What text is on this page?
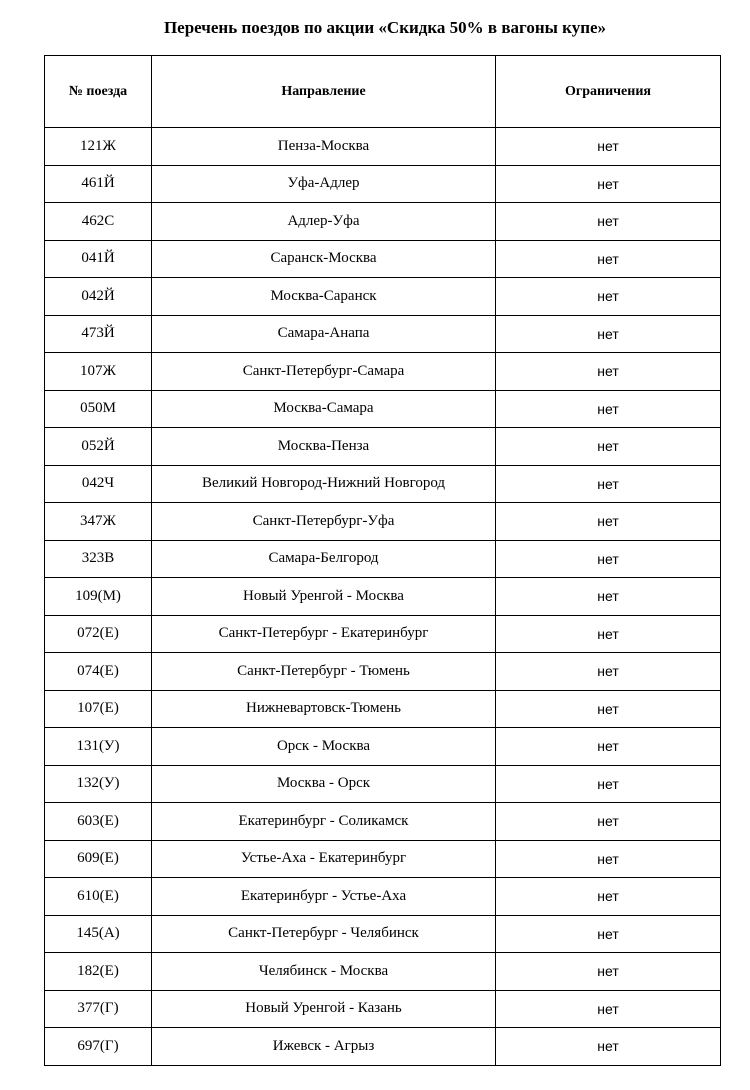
Перечень поездов по акции «Скидка 50% в вагоны купе»
№ поезда	Направление	Ограничения
121Ж	Пенза-Москва	нет
461Й	Уфа-Адлер	нет
462С	Адлер-Уфа	нет
041Й	Саранск-Москва	нет
042Й	Москва-Саранск	нет
473Й	Самара-Анапа	нет
107Ж	Санкт-Петербург-Самара	нет
050М	Москва-Самара	нет
052Й	Москва-Пенза	нет
042Ч	Великий Новгород-Нижний Новгород	нет
347Ж	Санкт-Петербург-Уфа	нет
323В	Самара-Белгород	нет
109(М)	Новый Уренгой - Москва	нет
072(Е)	Санкт-Петербург - Екатеринбург	нет
074(Е)	Санкт-Петербург - Тюмень	нет
107(Е)	Нижневартовск-Тюмень	нет
131(У)	Орск - Москва	нет
132(У)	Москва - Орск	нет
603(Е)	Екатеринбург - Соликамск	нет
609(Е)	Устье-Аха - Екатеринбург	нет
610(Е)	Екатеринбург - Устье-Аха	нет
145(А)	Санкт-Петербург - Челябинск	нет
182(Е)	Челябинск - Москва	нет
377(Г)	Новый Уренгой - Казань	нет
697(Г)	Ижевск - Агрыз	нет
